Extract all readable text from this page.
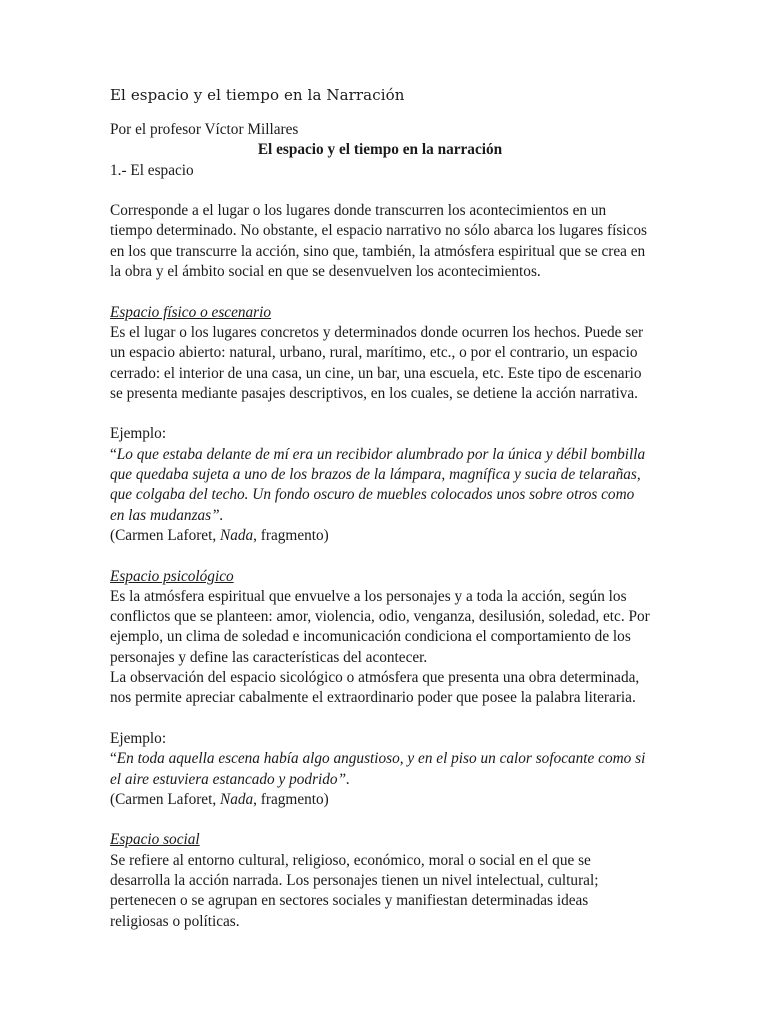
El espacio y el tiempo en la Narración

Por el profesor Víctor Millares

El espacio y el tiempo en la narración

1.- El espacio

Corresponde a el lugar o los lugares donde transcurren los acontecimientos en un tiempo determinado. No obstante, el espacio narrativo no sólo abarca los lugares físicos en los que transcurre la acción, sino que, también, la atmósfera espiritual que se crea en la obra y el ámbito social en que se desenvuelven los acontecimientos.

Espacio físico o escenario

Es el lugar o los lugares concretos y determinados donde ocurren los hechos. Puede ser un espacio abierto: natural, urbano, rural, marítimo, etc., o por el contrario, un espacio cerrado: el interior de una casa, un cine, un bar, una escuela, etc. Este tipo de escenario se presenta mediante pasajes descriptivos, en los cuales, se detiene la acción narrativa.

Ejemplo:

“Lo que estaba delante de mí era un recibidor alumbrado por la única y débil bombilla que quedaba sujeta a uno de los brazos de la lámpara, magnífica y sucia de telarañas, que colgaba del techo. Un fondo oscuro de muebles colocados unos sobre otros como en las mudanzas”.

(Carmen Laforet, Nada, fragmento)

Espacio psicológico

Es la atmósfera espiritual que envuelve a los personajes y a toda la acción, según los conflictos que se planteen: amor, violencia, odio, venganza, desilusión, soledad, etc. Por ejemplo, un clima de soledad e incomunicación condiciona el comportamiento de los personajes y define las características del acontecer.

La observación del espacio sicológico o atmósfera que presenta una obra determinada, nos permite apreciar cabalmente el extraordinario poder que posee la palabra literaria.

Ejemplo:

“En toda aquella escena había algo angustioso, y en el piso un calor sofocante como si el aire estuviera estancado y podrido”.

(Carmen Laforet, Nada, fragmento)

Espacio social

Se refiere al entorno cultural, religioso, económico, moral o social en el que se desarrolla la acción narrada. Los personajes tienen un nivel intelectual, cultural; pertenecen o se agrupan en sectores sociales y manifiestan determinadas ideas religiosas o políticas.
